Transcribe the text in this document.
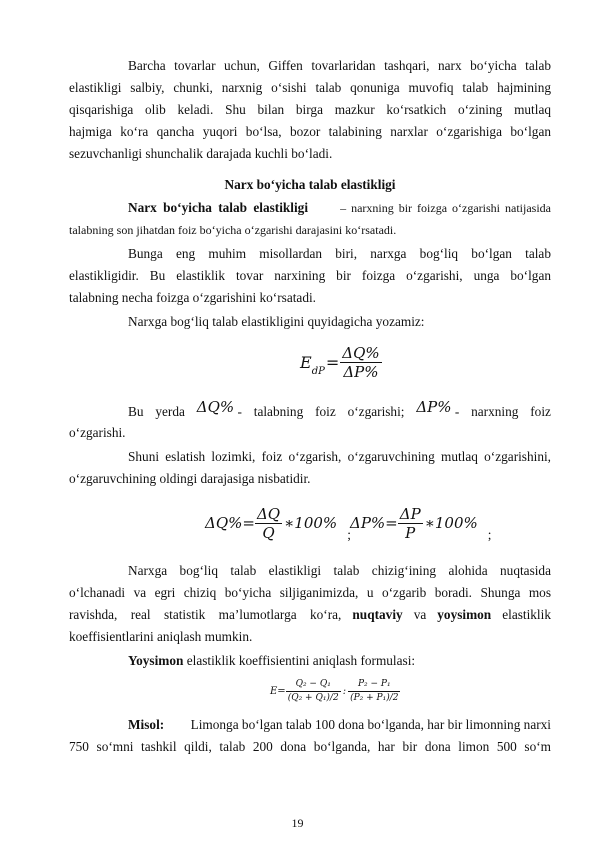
Barcha tovarlar uchun, Giffen tovarlaridan tashqari, narx bo‘yicha talab
elastikligi salbiy, chunki, narxnig o‘sishi talab qonuniga muvofiq talab hajmining
qisqarishiga olib keladi. Shu bilan birga mazkur ko‘rsatkich o‘zining mutlaq
hajmiga ko‘ra qancha yuqori bo‘lsa, bozor talabining narxlar o‘zgarishiga bo‘lgan
sezuvchanligi shunchalik darajada kuchli bo‘ladi.
Narx bo‘yicha talab elastikligi
Narx bo‘yicha talab elastikligi	– narxning bir foizga o‘zgarishi natijasida
talabning son jihatdan foiz bo‘yicha o‘zgarishi darajasini ko‘rsatadi.
Bunga eng muhim misollardan biri, narxga bog‘liq bo‘lgan talab
elastikligidir. Bu elastiklik tovar narxining bir foizga o‘zgarishi, unga bo‘lgan
talabning necha foizga o‘zgarishini ko‘rsatadi.
Narxga bog‘liq talab elastikligini quyidagicha yozamiz:
E dP = $\frac{\Delta Q\%}{\Delta P\%}$
Bu yerda ΔQ% - talabning foiz o‘zgarishi; ΔP% - narxning foiz
o‘zgarishi.
Shuni eslatish lozimki, foiz o‘zgarish, o‘zgaruvchining mutlaq o‘zgarishini,
o‘zgaruvchining oldingi darajasiga nisbatidir.
$\Delta Q\%= \frac{\Delta Q}{Q}$ ∗100%
;
$\Delta P\%= \frac{\Delta P}{P}$ ∗100%
;
Narxga bog‘liq talab elastikligi talab chizig‘ining alohida nuqtasida
o‘lchanadi va egri chiziq bo‘yicha siljiganimizda, u o‘zgarib boradi. Shunga mos
ravishda, real statistik ma’lumotlarga ko‘ra, nuqtaviy va yoysimon elastiklik
koeffisientlarini aniqlash mumkin.
Yoysimon elastiklik koeffisientini aniqlash formulasi:
$E= \frac{\text{Q₂ − Q₁}}{\text{(Q₂ + Q₁)/2}}$ : $\frac{\text{P₂ − P₁}}{\text{(P₂ + P₁)/2}}$
Misol:	Limonga bo‘lgan talab 100 dona bo‘lganda, har bir limonning narxi
750 so‘mni tashkil qildi, talab 200 dona bo‘lganda, har bir dona limon 500 so‘m
19
